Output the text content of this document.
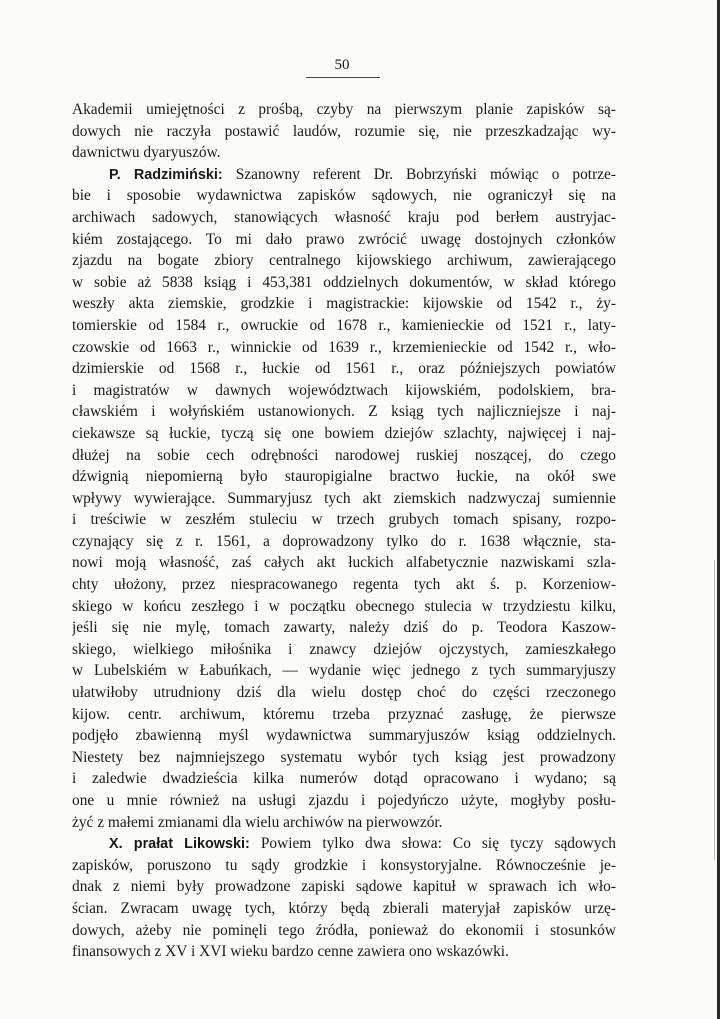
50
Akademii umiejętności z prośbą, czyby na pierwszym planie zapisków są-
dowych nie raczyła postawić laudów, rozumie się, nie przeszkadzając wy-
dawnictwu dyaryuszów.
P. Radzimiński: Szanowny referent Dr. Bobrzyński mówiąc o potrze-
bie i sposobie wydawnictwa zapisków sądowych, nie ograniczył się na
archiwach sadowych, stanowiących własność kraju pod berłem austryjac-
kiém zostającego. To mi dało prawo zwrócić uwagę dostojnych członków
zjazdu na bogate zbiory centralnego kijowskiego archiwum, zawierającego
w sobie aż 5838 ksiąg i 453,381 oddzielnych dokumentów, w skład którego
weszły akta ziemskie, grodzkie i magistrackie: kijowskie od 1542 r., ży-
tomierskie od 1584 r., owruckie od 1678 r., kamienieckie od 1521 r., laty-
czowskie od 1663 r., winnickie od 1639 r., krzemienieckie od 1542 r., wło-
dzimierskie od 1568 r., łuckie od 1561 r., oraz późniejszych powiatów
i magistratów w dawnych województwach kijowskiém, podolskiem, bra-
cławskiém i wołyńskiém ustanowionych. Z ksiąg tych najliczniejsze i naj-
ciekawsze są łuckie, tyczą się one bowiem dziejów szlachty, najwięcej i naj-
dłużej na sobie cech odrębności narodowej ruskiej noszącej, do czego
dźwignią niepomierną było stauropigialne bractwo łuckie, na okół swe
wpływy wywierające. Summaryjusz tych akt ziemskich nadzwyczaj sumiennie
i treściwie w zeszłém stuleciu w trzech grubych tomach spisany, rozpo-
czynający się z r. 1561, a doprowadzony tylko do r. 1638 włącznie, sta-
nowi moją własność, zaś całych akt łuckich alfabetycznie nazwiskami szla-
chty ułożony, przez niespracowanego regenta tych akt ś. p. Korzeniow-
skiego w końcu zeszłego i w początku obecnego stulecia w trzydziestu kilku,
jeśli się nie mylę, tomach zawarty, należy dziś do p. Teodora Kaszow-
skiego, wielkiego miłośnika i znawcy dziejów ojczystych, zamieszkałego
w Lubelskiém w Łabuńkach, — wydanie więc jednego z tych summaryjuszy
ułatwiłoby utrudniony dziś dla wielu dostęp choć do części rzeczonego
kijow. centr. archiwum, któremu trzeba przyznać zasługę, że pierwsze
podjęło zbawienną myśl wydawnictwa summaryjuszów ksiąg oddzielnych.
Niestety bez najmniejszego systematu wybór tych ksiąg jest prowadzony
i zaledwie dwadzieścia kilka numerów dotąd opracowano i wydano; są
one u mnie również na usługi zjazdu i pojedyńczo użyte, mogłyby posłu-
żyć z małemi zmianami dla wielu archiwów na pierwowzór.
X. prałat Likowski: Powiem tylko dwa słowa: Co się tyczy sądowych
zapisków, poruszono tu sądy grodzkie i konsystoryjalne. Równocześnie je-
dnak z niemi były prowadzone zapiski sądowe kapituł w sprawach ich wło-
ścian. Zwracam uwagę tych, którzy będą zbierali materyjał zapisków urzę-
dowych, ażeby nie pominęli tego źródła, ponieważ do ekonomii i stosunków
finansowych z XV i XVI wieku bardzo cenne zawiera ono wskazówki.
